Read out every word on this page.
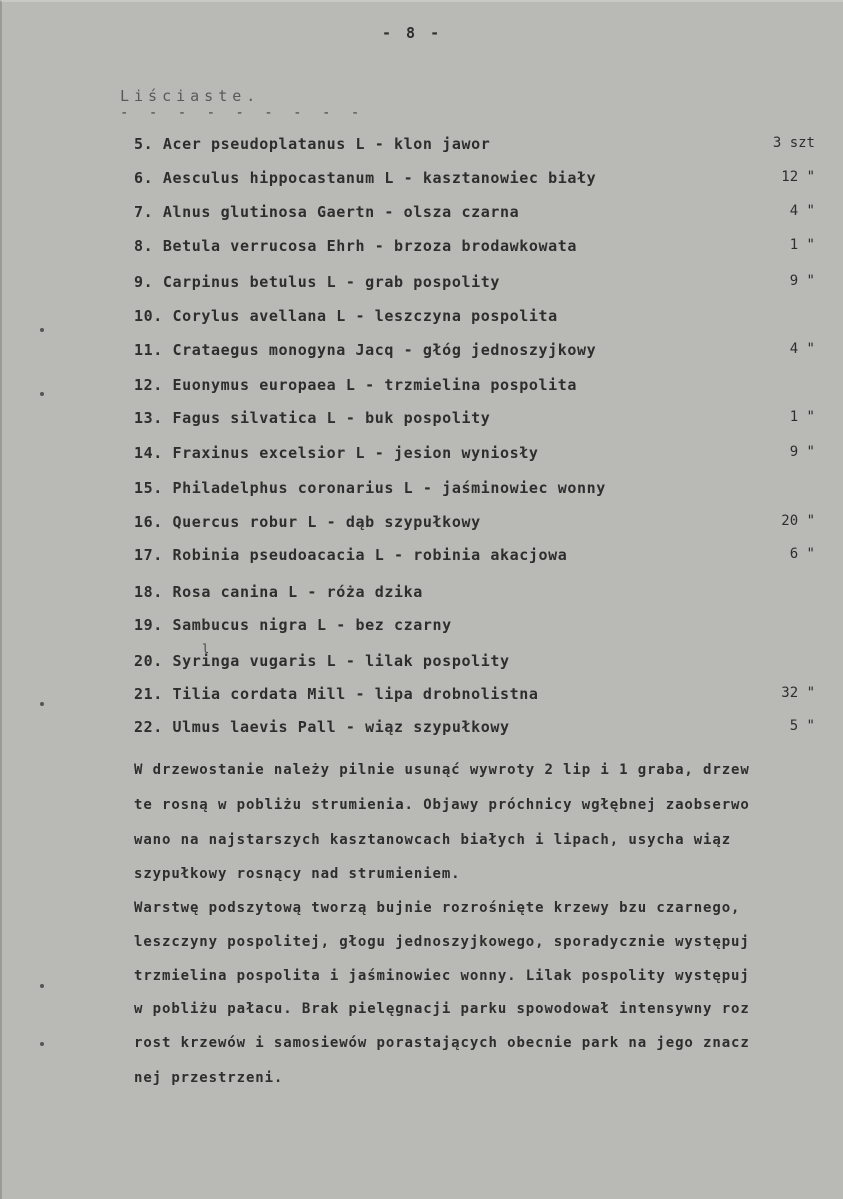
- 8 -
Liściaste.
- - - - - - - - -
5. Acer pseudoplatanus L - klon jawor	3 szt
6. Aesculus hippocastanum L - kasztanowiec biały	12 "
7. Alnus glutinosa Gaertn - olsza czarna	4 "
8. Betula verrucosa Ehrh - brzoza brodawkowata	1 "
9. Carpinus betulus L - grab pospolity	9 "
10. Corylus avellana L - leszczyna pospolita
11. Crataegus monogyna Jacq - głóg jednoszyjkowy	4 "
12. Euonymus europaea L - trzmielina pospolita
13. Fagus silvatica L - buk pospolity	1 "
14. Fraxinus excelsior L - jesion wyniosły	9 "
15. Philadelphus coronarius L - jaśminowiec wonny
16. Quercus robur L - dąb szypułkowy	20 "
17. Robinia pseudoacacia L - robinia akacjowa	6 "
18. Rosa canina L - róża dzika
19. Sambucus nigra L - bez czarny
20. Syringa vugaris L - lilak pospolity
21. Tilia cordata Mill - lipa drobnolistna	32 "
22. Ulmus laevis Pall - wiąz szypułkowy	5 "
l
W drzewostanie należy pilnie usunąć wywroty 2 lip i 1 graba, drzew
te rosną w pobliżu strumienia. Objawy próchnicy wgłębnej zaobserwo
wano na najstarszych kasztanowcach białych i lipach, usycha wiąz
szypułkowy rosnący nad strumieniem.
Warstwę podszytową tworzą bujnie rozrośnięte krzewy bzu czarnego,
leszczyny pospolitej, głogu jednoszyjkowego, sporadycznie występuj
trzmielina pospolita i jaśminowiec wonny. Lilak pospolity występuj
w pobliżu pałacu. Brak pielęgnacji parku spowodował intensywny roz
rost krzewów i samosiewów porastających obecnie park na jego znacz
nej przestrzeni.
